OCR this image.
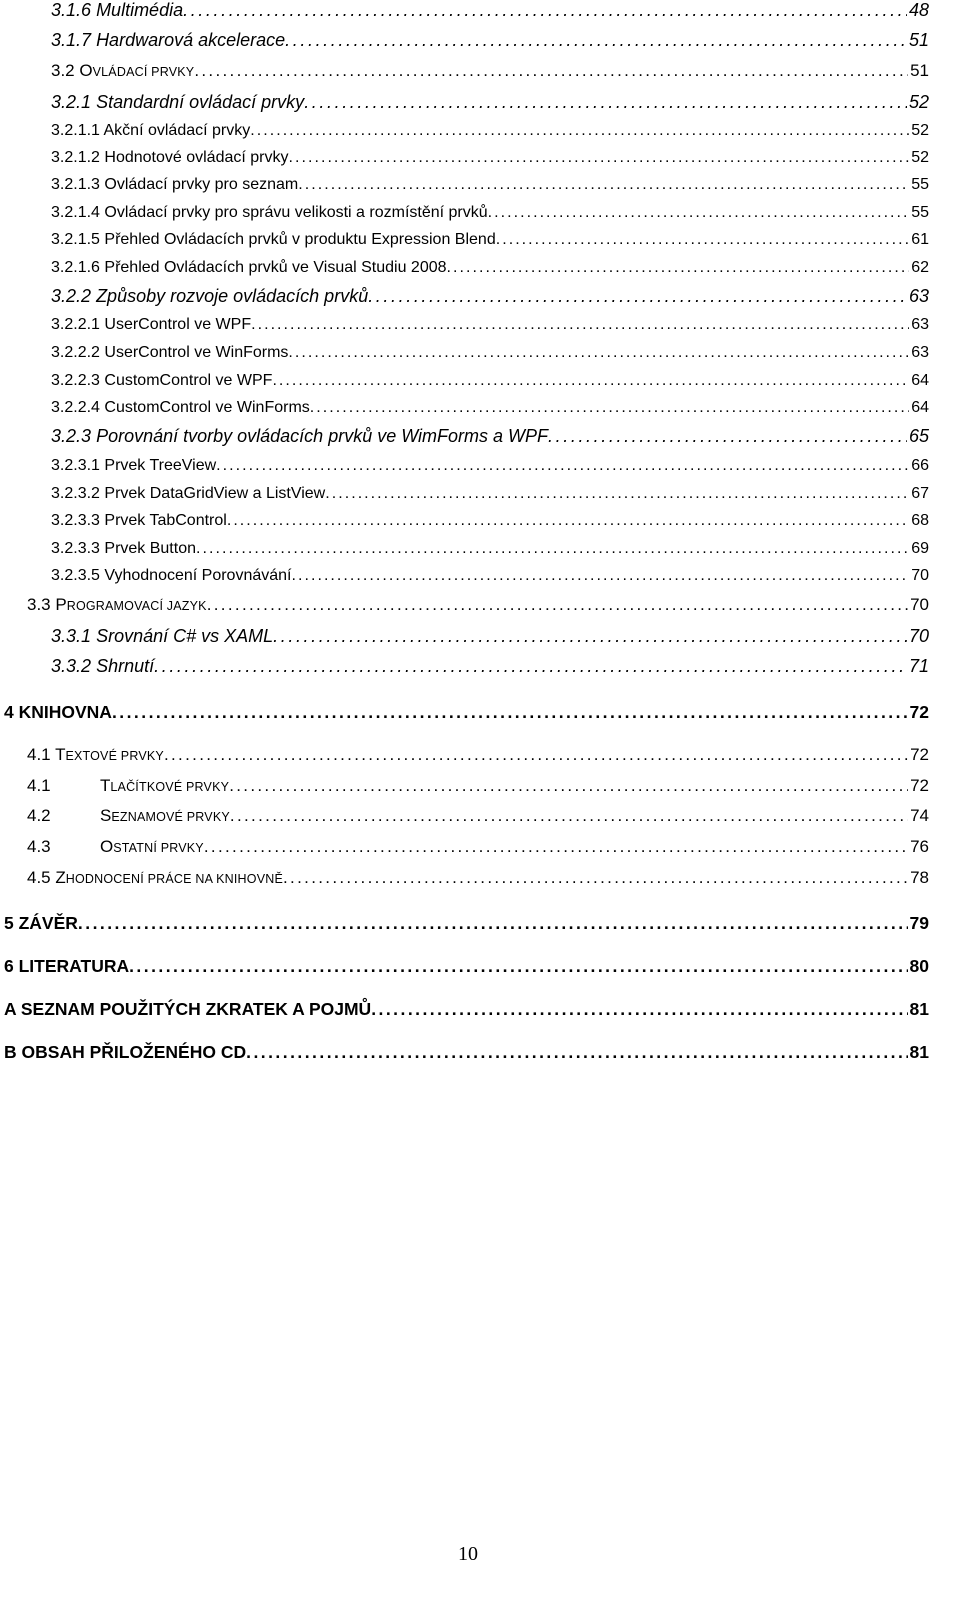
3.1.6 Multimédia . . .	48
3.1.7 Hardwarová akcelerace . . .	51
3.2 OVLÁDACÍ PRVKY . . .	51
3.2.1 Standardní ovládací prvky . . .	52
3.2.1.1 Akční ovládací prvky . . .	52
3.2.1.2 Hodnotové ovládací prvky . . .	52
3.2.1.3 Ovládací prvky pro seznam . . .	55
3.2.1.4 Ovládací prvky pro správu velikosti a rozmístění prvků . . .	55
3.2.1.5 Přehled Ovládacích prvků v produktu Expression Blend . . .	61
3.2.1.6 Přehled Ovládacích prvků ve Visual Studiu 2008 . . .	62
3.2.2 Způsoby rozvoje ovládacích prvků . . .	63
3.2.2.1 UserControl ve WPF . . .	63
3.2.2.2 UserControl ve WinForms . . .	63
3.2.2.3 CustomControl ve WPF . . .	64
3.2.2.4 CustomControl ve WinForms . . .	64
3.2.3 Porovnání tvorby ovládacích prvků ve WimForms a WPF . . .	65
3.2.3.1 Prvek TreeView . . .	66
3.2.3.2 Prvek DataGridView a ListView . . .	67
3.2.3.3 Prvek TabControl . . .	68
3.2.3.3 Prvek Button . . .	69
3.2.3.5 Vyhodnocení Porovnávání . . .	70
3.3 PROGRAMOVACÍ JAZYK . . .	70
3.3.1 Srovnání C# vs XAML . . .	70
3.3.2 Shrnutí . . .	71
4 KNIHOVNA . . .	72
4.1 TEXTOVÉ PRVKY . . .	72
4.1	TLAČÍTKOVÉ PRVKY . . .	72
4.2	SEZNAMOVÉ PRVKY . . .	74
4.3	OSTATNÍ PRVKY . . .	76
4.5 ZHODNOCENÍ PRÁCE NA KNIHOVNĚ . . .	78
5 ZÁVĚR . . .	79
6 LITERATURA . . .	80
A SEZNAM POUŽITÝCH ZKRATEK A POJMŮ . . .	81
B OBSAH PŘILOŽENÉHO CD . . .	81
10
